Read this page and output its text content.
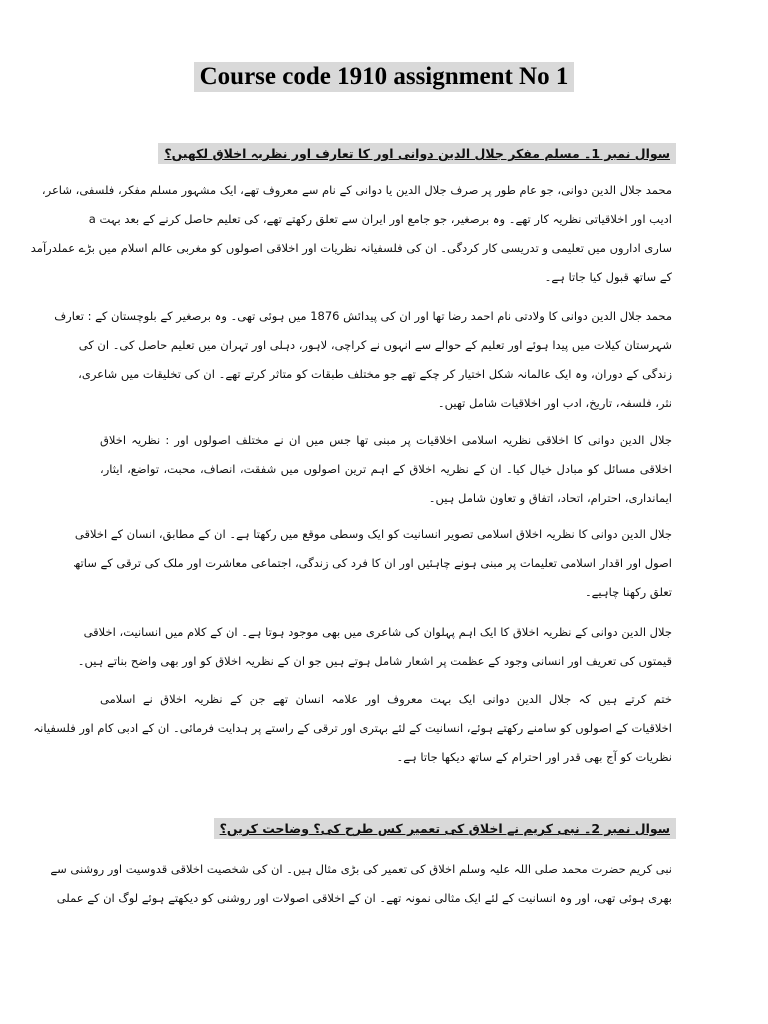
Course code 1910 assignment No 1
سوال نمبر 1۔ مسلم مفکر جلال الدین دوانی اور کا تعارف اور نظریہ اخلاق لکھیں؟
محمد جلال الدین دوانی، جو عام طور پر صرف جلال الدین یا دوانی کے نام سے معروف تھے، ایک مشہور مسلم مفکر، فلسفی، شاعر،
ادیب اور اخلاقیاتی نظریہ کار تھے۔ وہ برصغیر، جو جامع اور ایران سے تعلق رکھتے تھے، کی تعلیم حاصل کرنے کے بعد بہت a
ساری اداروں میں تعلیمی و تدریسی کار کردگی۔ ان کی فلسفیانہ نظریات اور اخلاقی اصولوں کو مغربی عالم اسلام میں بڑے عملدرآمد
کے ساتھ قبول کیا جاتا ہے۔
محمد جلال الدین دوانی کا ولادتی نام احمد رضا تھا اور ان کی پیدائش 1876 میں ہوئی تھی۔ وہ برصغیر کے بلوچستان کے : تعارف
شہرستان کیلات میں پیدا ہوئے اور تعلیم کے حوالے سے انہوں نے کراچی، لاہور، دہلی اور تہران میں تعلیم حاصل کی۔ ان کی
زندگی کے دوران، وہ ایک عالمانہ شکل اختیار کر چکے تھے جو مختلف طبقات کو متاثر کرتے تھے۔ ان کی تخلیقات میں شاعری،
نثر، فلسفہ، تاریخ، ادب اور اخلاقیات شامل تھیں۔
جلال الدین دوانی کا اخلاقی نظریہ اسلامی اخلاقیات پر مبنی تھا جس میں ان نے مختلف اصولوں اور : نظریہ اخلاق
اخلاقی مسائل کو مبادل خیال کیا۔ ان کے نظریہ اخلاق کے اہم ترین اصولوں میں شفقت، انصاف، محبت، تواضع، ایثار،
ایمانداری، احترام، اتحاد، اتفاق و تعاون شامل ہیں۔
جلال الدین دوانی کا نظریہ اخلاق اسلامی تصویر انسانیت کو ایک وسطی موقع میں رکھتا ہے۔ ان کے مطابق، انسان کے اخلاقی
اصول اور اقدار اسلامی تعلیمات پر مبنی ہونے چاہئیں اور ان کا فرد کی زندگی، اجتماعی معاشرت اور ملک کی ترقی کے ساتھ
تعلق رکھنا چاہیے۔
جلال الدین دوانی کے نظریہ اخلاق کا ایک اہم پہلوان کی شاعری میں بھی موجود ہوتا ہے۔ ان کے کلام میں انسانیت، اخلاقی
قیمتوں کی تعریف اور انسانی وجود کے عظمت پر اشعار شامل ہوتے ہیں جو ان کے نظریہ اخلاق کو اور بھی واضح بناتے ہیں۔
ختم کرتے ہیں کہ جلال الدین دوانی ایک بہت معروف اور علامہ انسان تھے جن کے نظریہ اخلاق نے اسلامی
اخلاقیات کے اصولوں کو سامنے رکھتے ہوئے، انسانیت کے لئے بہتری اور ترقی کے راستے پر ہدایت فرمائی۔ ان کے ادبی کام اور فلسفیانہ
نظریات کو آج بھی قدر اور احترام کے ساتھ دیکھا جاتا ہے۔
سوال نمبر 2۔ نبی کریم نے اخلاق کی تعمیر کس طرح کی؟ وضاحت کریں؟
نبی کریم حضرت محمد صلی اللہ علیہ وسلم اخلاق کی تعمیر کی بڑی مثال ہیں۔ ان کی شخصیت اخلاقی قدوسیت اور روشنی سے
بھری ہوئی تھی، اور وہ انسانیت کے لئے ایک مثالی نمونہ تھے۔ ان کے اخلاقی اصولات اور روشنی کو دیکھتے ہوئے لوگ ان کے عملی
